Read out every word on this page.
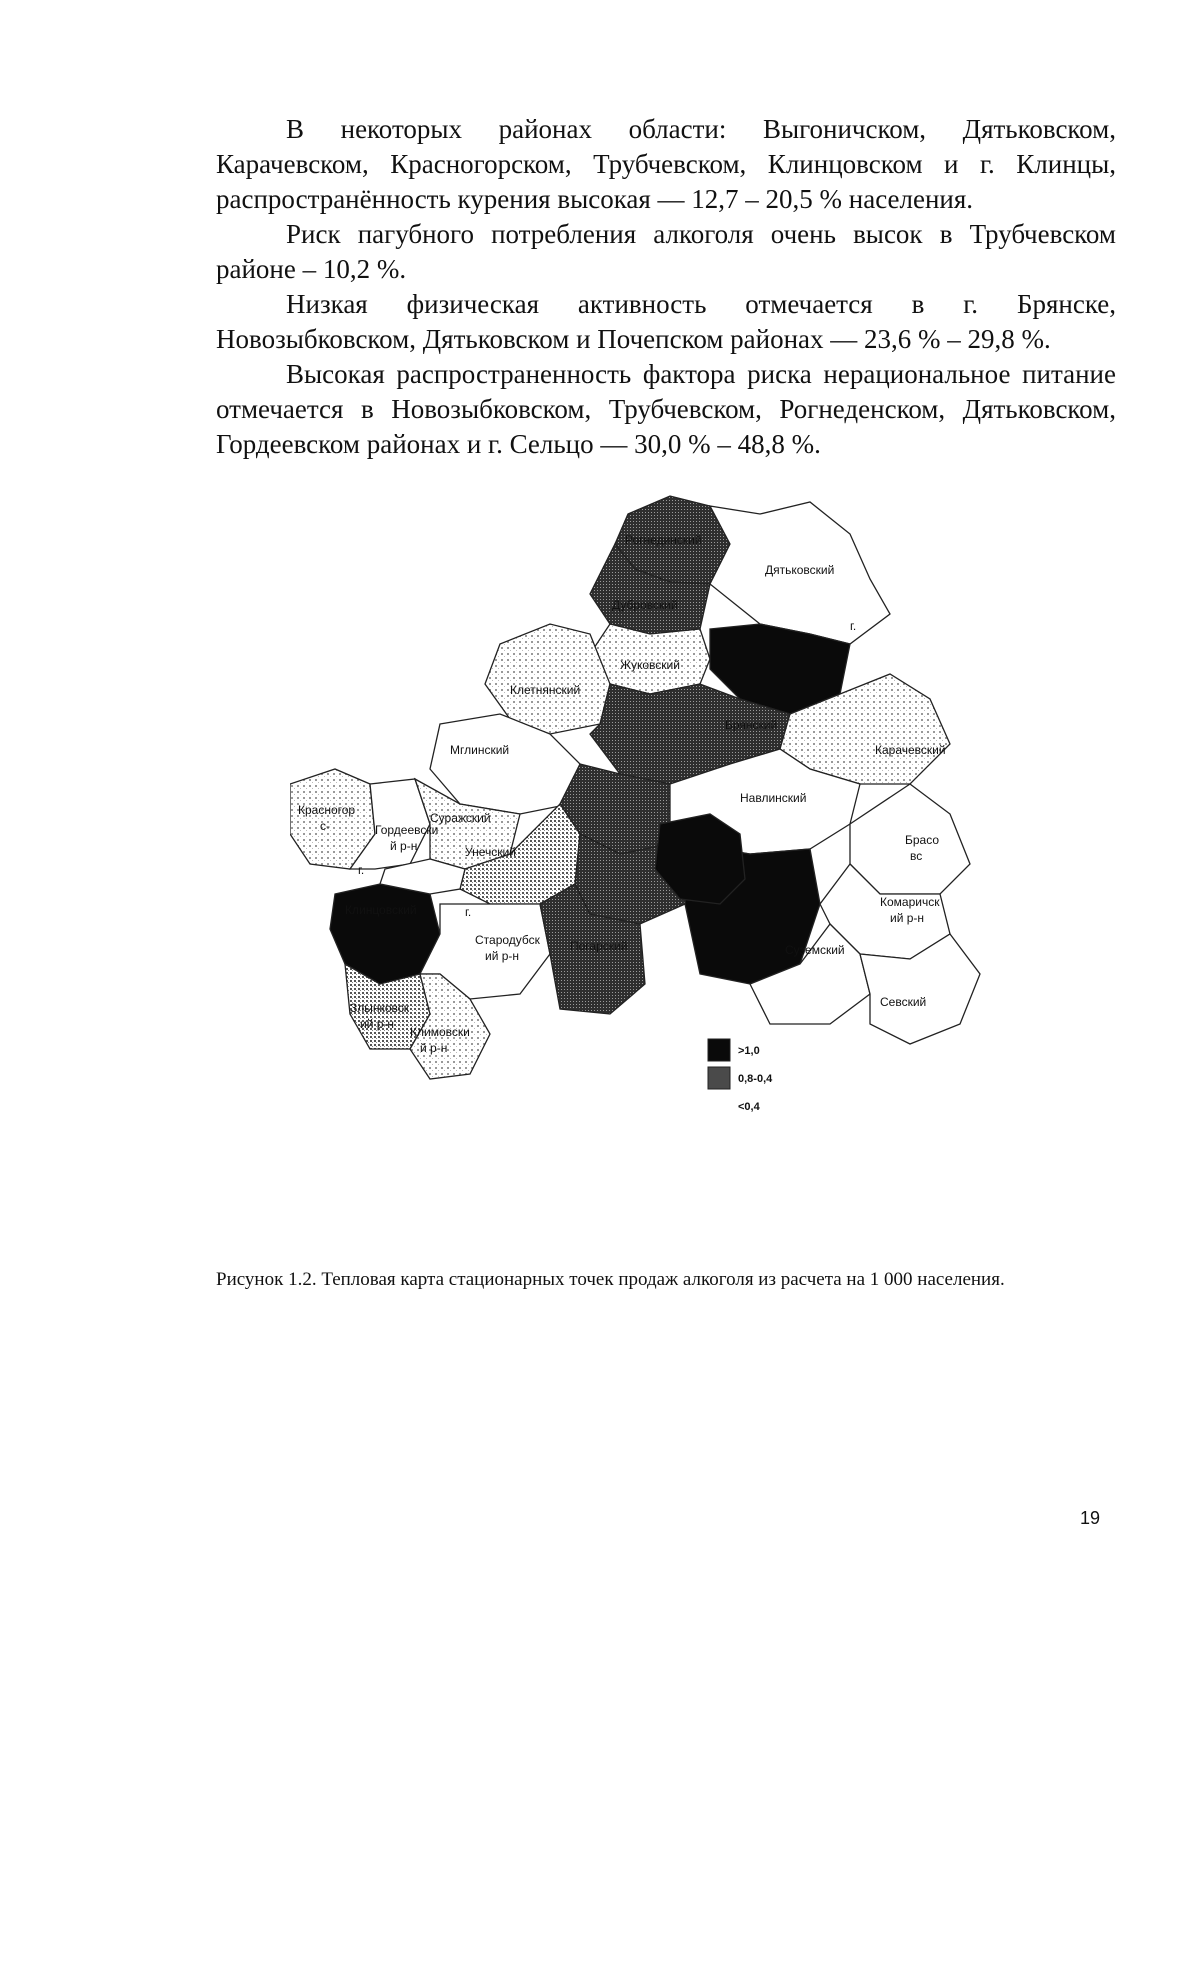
В некоторых районах области: Выгоничском, Дятьковском, Карачевском, Красногорском, Трубчевском, Клинцовском и г. Клинцы, распространённость курения высокая — 12,7 – 20,5 % населения.

Риск пагубного потребления алкоголя очень высок в Трубчевском районе – 10,2 %.

Низкая физическая активность отмечается в г. Брянске, Новозыбковском, Дятьковском и Почепском районах — 23,6 % – 29,8 %.

Высокая распространенность фактора риска нерациональное питание отмечается в Новозыбковском, Трубчевском, Рогнеденском, Дятьковском, Гордеевском районах и г. Сельцо — 30,0 % – 48,8 %.

Рогнединский
Дятьковский
Дубровский
г.
Жуковский
Клетнянский
Брянский
Карачевский
Мглинский
Навлинский
Красногор
с-
Суражский
Гордеевски
й р-н	Унечский
Брасо
вс
г.
Клинцовский	г.
Комаричск
ий р-н
Стародубск
ий р-н
Погарский	Суземский
Севский
Злынковск
ий р-н
Климовски
й р-н	>1,0
0,8-0,4
<0,4
Рисунок 1.2. Тепловая карта стационарных точек продаж алкоголя из расчета на 1 000 населения.
19
